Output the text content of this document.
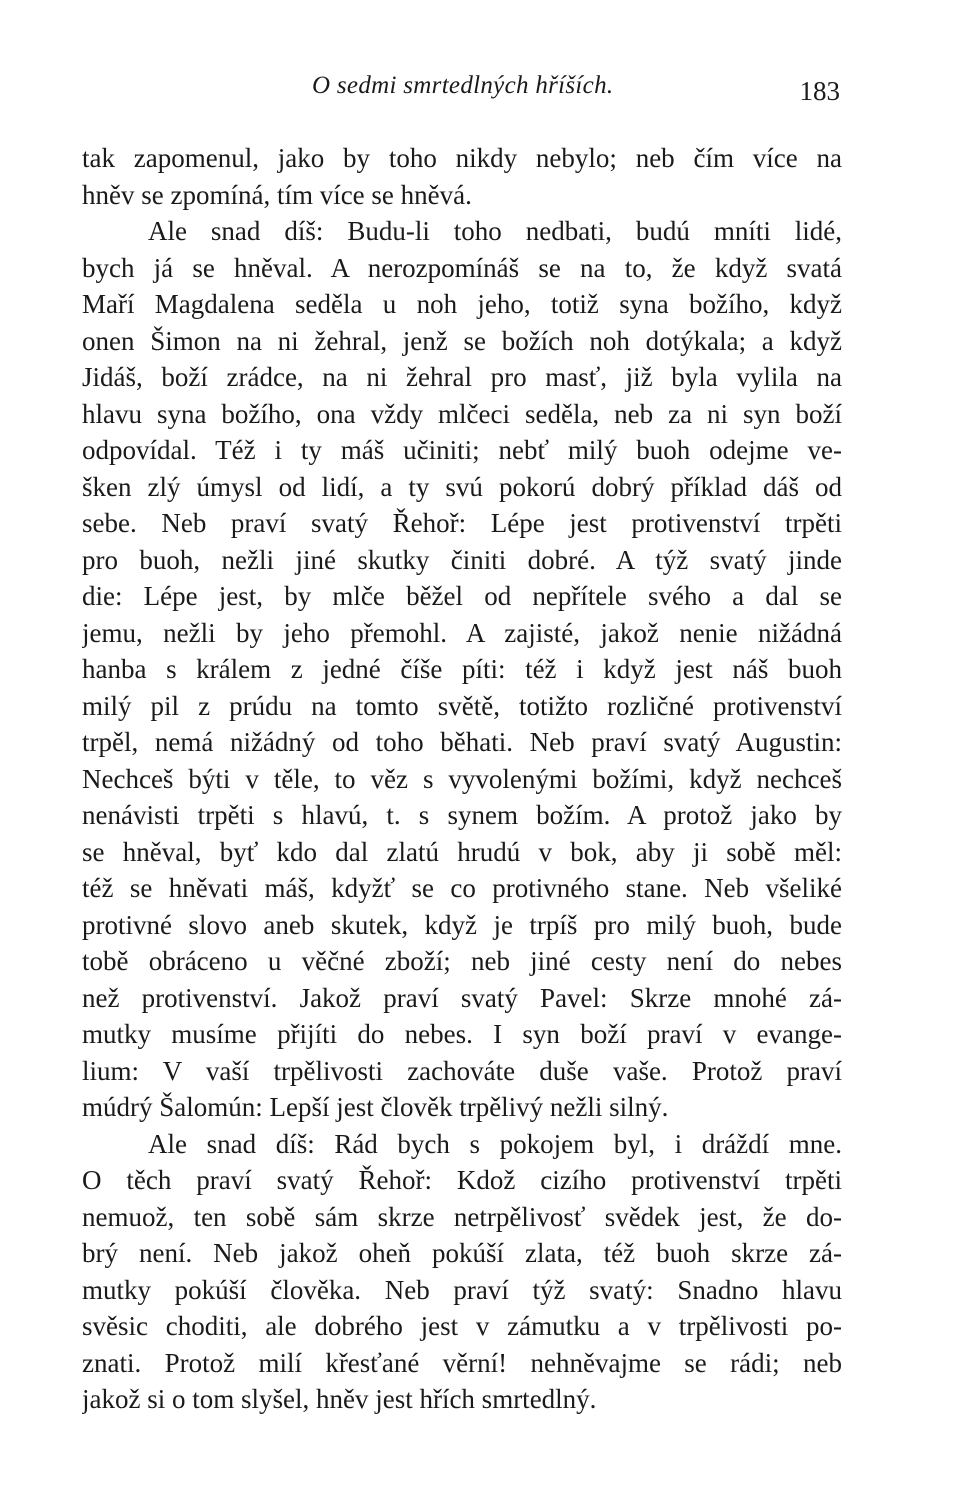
O sedmi smrtedlných hříších.	183
tak zapomenul, jako by toho nikdy nebylo; neb čím více na
hněv se zpomíná, tím více se hněvá.
Ale snad díš: Budu-li toho nedbati, budú mníti lidé,
bych já se hněval. A nerozpomínáš se na to, že když svatá
Maří Magdalena seděla u noh jeho, totiž syna božího, když
onen Šimon na ni žehral, jenž se božích noh dotýkala; a když
Jidáš, boží zrádce, na ni žehral pro masť, již byla vylila na
hlavu syna božího, ona vždy mlčeci seděla, neb za ni syn boží
odpovídal. Též i ty máš učiniti; nebť milý buoh odejme ve-
šken zlý úmysl od lidí, a ty svú pokorú dobrý příklad dáš od
sebe. Neb praví svatý Řehoř: Lépe jest protivenství trpěti
pro buoh, nežli jiné skutky činiti dobré. A týž svatý jinde
die: Lépe jest, by mlče běžel od nepřítele svého a dal se
jemu, nežli by jeho přemohl. A zajisté, jakož nenie nižádná
hanba s králem z jedné číše píti: též i když jest náš buoh
milý pil z prúdu na tomto světě, totižto rozličné protivenství
trpěl, nemá nižádný od toho běhati. Neb praví svatý Augustin:
Nechceš býti v těle, to věz s vyvolenými božími, když nechceš
nenávisti trpěti s hlavú, t. s synem božím. A protož jako by
se hněval, byť kdo dal zlatú hrudú v bok, aby ji sobě měl:
též se hněvati máš, kdyžť se co protivného stane. Neb všeliké
protivné slovo aneb skutek, když je trpíš pro milý buoh, bude
tobě obráceno u věčné zboží; neb jiné cesty není do nebes
než protivenství. Jakož praví svatý Pavel: Skrze mnohé zá-
mutky musíme přijíti do nebes. I syn boží praví v evange-
lium: V vaší trpělivosti zachováte duše vaše. Protož praví
múdrý Šalomún: Lepší jest člověk trpělivý nežli silný.
Ale snad díš: Rád bych s pokojem byl, i dráždí mne.
O těch praví svatý Řehoř: Kdož cizího protivenství trpěti
nemuož, ten sobě sám skrze netrpělivosť svědek jest, že do-
brý není. Neb jakož oheň pokúší zlata, též buoh skrze zá-
mutky pokúší člověka. Neb praví týž svatý: Snadno hlavu
svěsic choditi, ale dobrého jest v zámutku a v trpělivosti po-
znati. Protož milí křesťané věrní! nehněvajme se rádi; neb
jakož si o tom slyšel, hněv jest hřích smrtedlný.
